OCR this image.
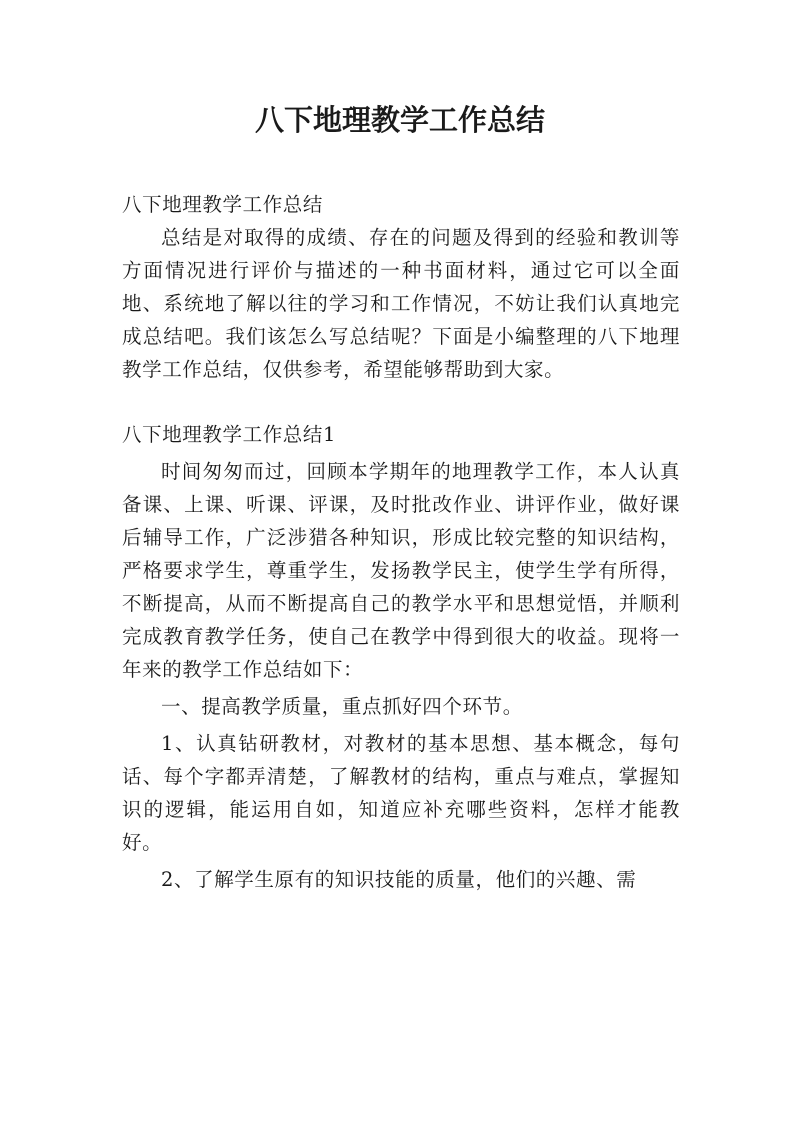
八下地理教学工作总结

八下地理教学工作总结

总结是对取得的成绩、存在的问题及得到的经验和教训等方面情况进行评价与描述的一种书面材料，通过它可以全面地、系统地了解以往的学习和工作情况，不妨让我们认真地完成总结吧。我们该怎么写总结呢？下面是小编整理的八下地理教学工作总结，仅供参考，希望能够帮助到大家。

八下地理教学工作总结1

时间匆匆而过，回顾本学期年的地理教学工作，本人认真备课、上课、听课、评课，及时批改作业、讲评作业，做好课后辅导工作，广泛涉猎各种知识，形成比较完整的知识结构，严格要求学生，尊重学生，发扬教学民主，使学生学有所得，不断提高，从而不断提高自己的教学水平和思想觉悟，并顺利完成教育教学任务，使自己在教学中得到很大的收益。现将一年来的教学工作总结如下：

一、提高教学质量，重点抓好四个环节。

1、认真钻研教材，对教材的基本思想、基本概念，每句话、每个字都弄清楚，了解教材的结构，重点与难点，掌握知识的逻辑，能运用自如，知道应补充哪些资料，怎样才能教好。

2、了解学生原有的知识技能的质量，他们的兴趣、需
